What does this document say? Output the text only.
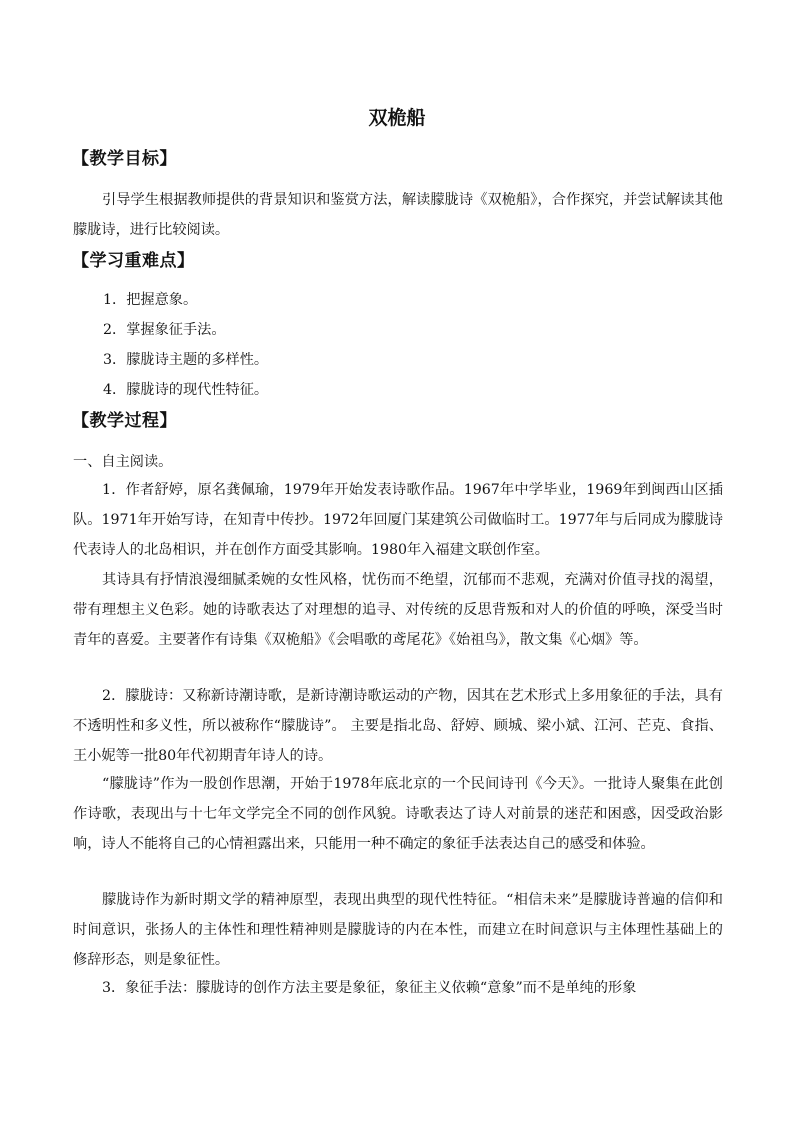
双桅船
【教学目标】

引导学生根据教师提供的背景知识和鉴赏方法，解读朦胧诗《双桅船》，合作探究，并尝试解读其他朦胧诗，进行比较阅读。

【学习重难点】
1．把握意象。
2．掌握象征手法。
3．朦胧诗主题的多样性。
4．朦胧诗的现代性特征。
【教学过程】
一、自主阅读。

1．作者舒婷，原名龚佩瑜，1979年开始发表诗歌作品。1967年中学毕业，1969年到闽西山区插队。1971年开始写诗，在知青中传抄。1972年回厦门某建筑公司做临时工。1977年与后同成为朦胧诗代表诗人的北岛相识，并在创作方面受其影响。1980年入福建文联创作室。

其诗具有抒情浪漫细腻柔婉的女性风格，忧伤而不绝望，沉郁而不悲观，充满对价值寻找的渴望，带有理想主义色彩。她的诗歌表达了对理想的追寻、对传统的反思背叛和对人的价值的呼唤，深受当时青年的喜爱。主要著作有诗集《双桅船》《会唱歌的鸢尾花》《始祖鸟》，散文集《心烟》等。

2．朦胧诗：又称新诗潮诗歌，是新诗潮诗歌运动的产物，因其在艺术形式上多用象征的手法，具有不透明性和多义性，所以被称作“朦胧诗”。 主要是指北岛、舒婷、顾城、梁小斌、江河、芒克、食指、王小妮等一批80年代初期青年诗人的诗。

“朦胧诗”作为一股创作思潮，开始于1978年底北京的一个民间诗刊《今天》。一批诗人聚集在此创作诗歌，表现出与十七年文学完全不同的创作风貌。诗歌表达了诗人对前景的迷茫和困惑，因受政治影响，诗人不能将自己的心情袒露出来，只能用一种不确定的象征手法表达自己的感受和体验。

朦胧诗作为新时期文学的精神原型，表现出典型的现代性特征。“相信未来”是朦胧诗普遍的信仰和时间意识，张扬人的主体性和理性精神则是朦胧诗的内在本性，而建立在时间意识与主体理性基础上的修辞形态，则是象征性。

3．象征手法：朦胧诗的创作方法主要是象征，象征主义依赖“意象”而不是单纯的形象
